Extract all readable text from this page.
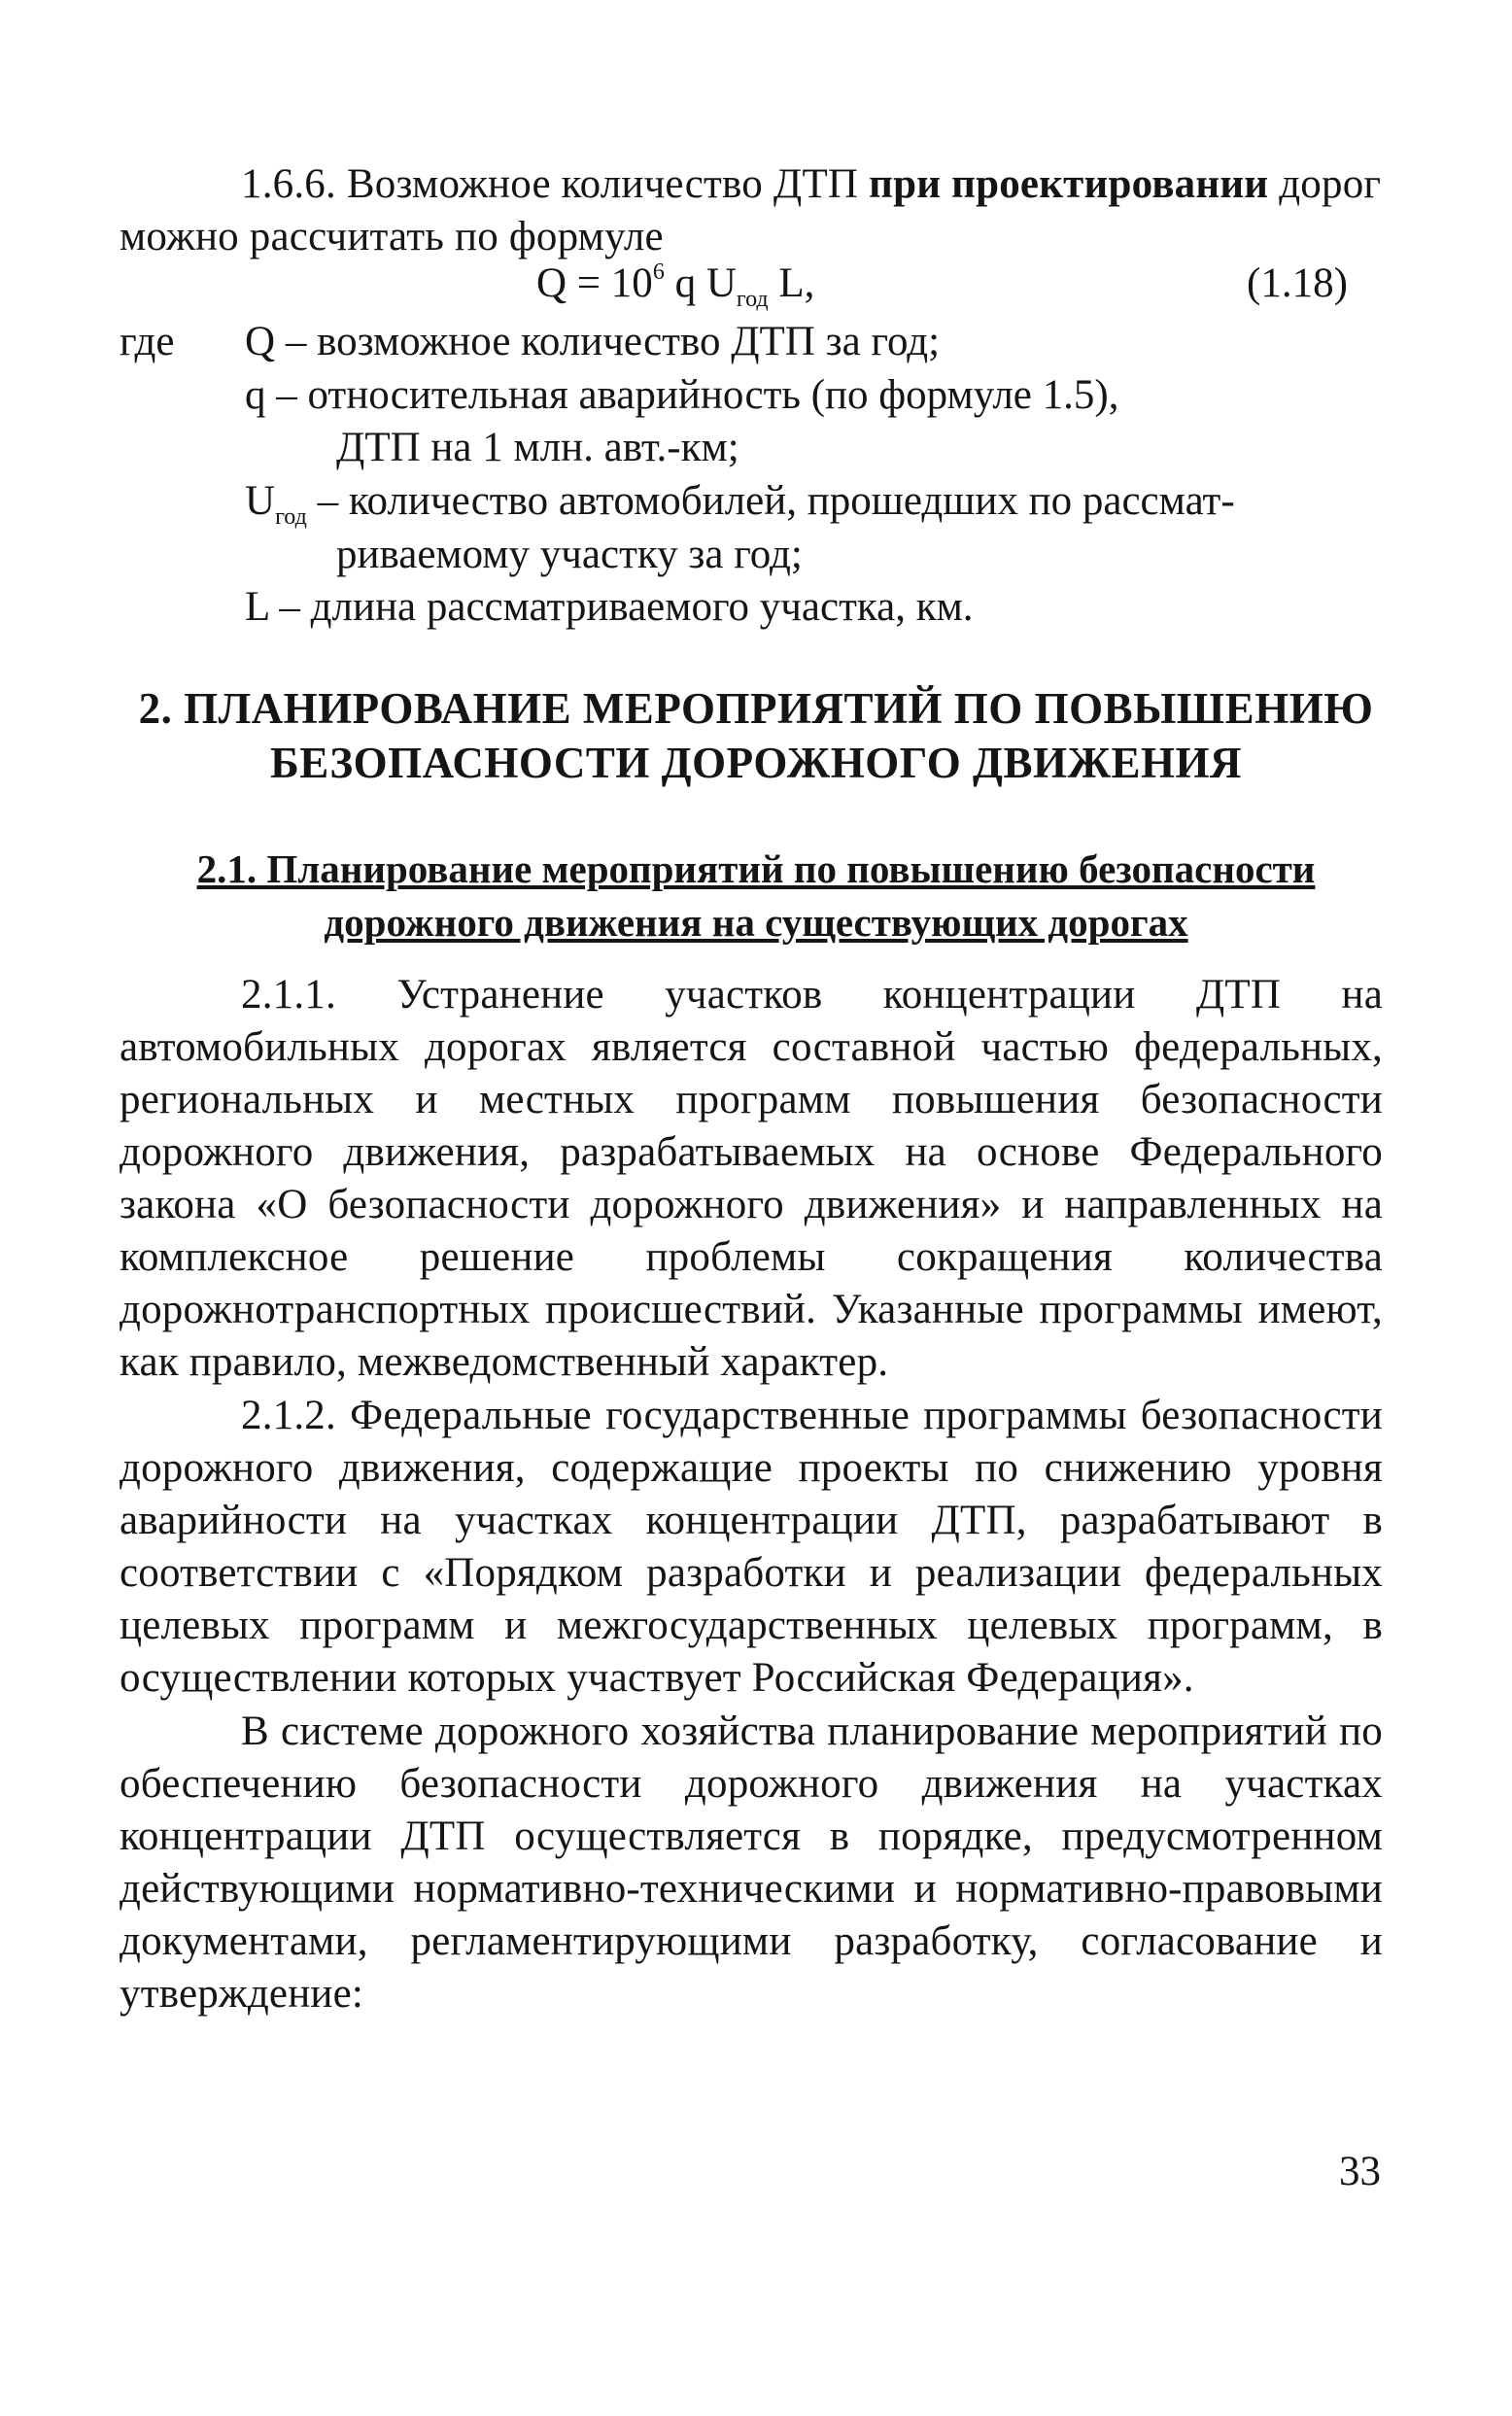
1.6.6. Возможное количество ДТП при проектировании дорог
можно рассчитать по формуле
$Q = 10^6$ q $U_{год}$ L,	(1.18)
где Q – возможное количество ДТП за год;
q – относительная аварийность (по формуле 1.5),
ДТП на 1 млн. авт.-км;
$U_{год}$ – количество автомобилей, прошедших по рассмат-
риваемому участку за год;
L – длина рассматриваемого участка, км.
2. ПЛАНИРОВАНИЕ МЕРОПРИЯТИЙ ПО ПОВЫШЕНИЮ
БЕЗОПАСНОСТИ ДОРОЖНОГО ДВИЖЕНИЯ
2.1. Планирование мероприятий по повышению безопасности
дорожного движения на существующих дорогах
2.1.1. Устранение участков концентрации ДТП на автомобильных дорогах является составной частью федеральных, региональных и местных программ повышения безопасности дорожного движения, разрабатываемых на основе Федерального закона «О безопасности дорожного движения» и направленных на комплексное решение проблемы сокращения количества дорожнотранспортных происшествий. Указанные программы имеют, как правило, межведомственный характер.
2.1.2. Федеральные государственные программы безопасности дорожного движения, содержащие проекты по снижению уровня аварийности на участках концентрации ДТП, разрабатывают в соответствии с «Порядком разработки и реализации федеральных целевых программ и межгосударственных целевых программ, в осуществлении которых участвует Российская Федерация».
В системе дорожного хозяйства планирование мероприятий по обеспечению безопасности дорожного движения на участках концентрации ДТП осуществляется в порядке, предусмотренном действующими нормативно-техническими и нормативно-правовыми документами, регламентирующими разработку, согласование и утверждение:
33
